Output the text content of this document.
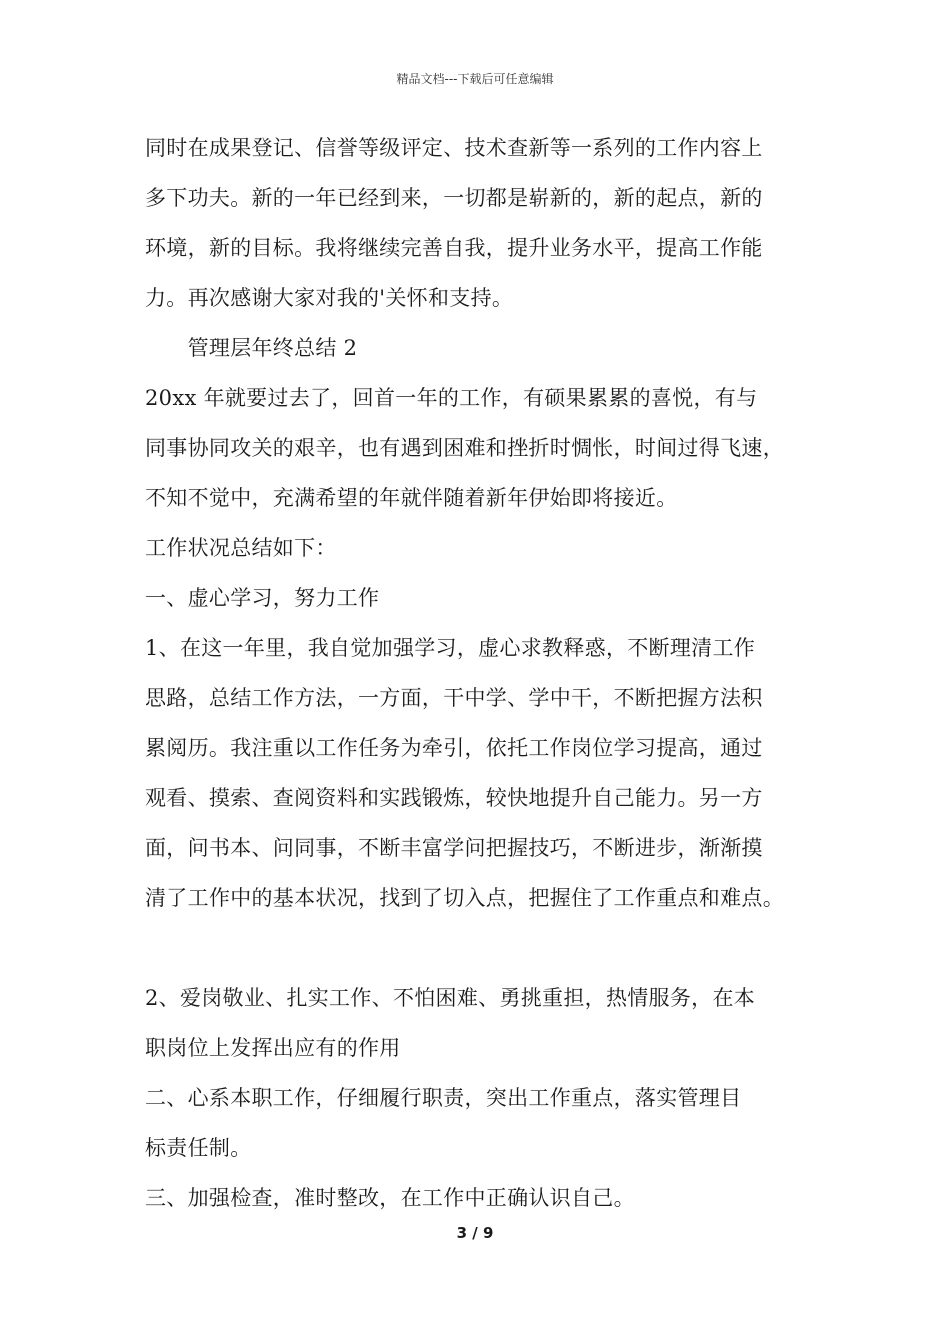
精品文档---下载后可任意编辑
同时在成果登记、信誉等级评定、技术查新等一系列的工作内容上
多下功夫。新的一年已经到来，一切都是崭新的，新的起点，新的
环境，新的目标。我将继续完善自我，提升业务水平，提高工作能
力。再次感谢大家对我的'关怀和支持。
　　管理层年终总结 2
20xx 年就要过去了，回首一年的工作，有硕果累累的喜悦，有与
同事协同攻关的艰辛，也有遇到困难和挫折时惆怅，时间过得飞速，
不知不觉中，充满希望的年就伴随着新年伊始即将接近。
工作状况总结如下：
一、虚心学习，努力工作
1、在这一年里，我自觉加强学习，虚心求教释惑，不断理清工作
思路，总结工作方法，一方面，干中学、学中干，不断把握方法积
累阅历。我注重以工作任务为牵引，依托工作岗位学习提高，通过
观看、摸索、查阅资料和实践锻炼，较快地提升自己能力。另一方
面，问书本、问同事，不断丰富学问把握技巧，不断进步，渐渐摸
清了工作中的基本状况，找到了切入点，把握住了工作重点和难点。
2、爱岗敬业、扎实工作、不怕困难、勇挑重担，热情服务，在本
职岗位上发挥出应有的作用
二、心系本职工作，仔细履行职责，突出工作重点，落实管理目
标责任制。
三、加强检查，准时整改，在工作中正确认识自己。
3 / 9
